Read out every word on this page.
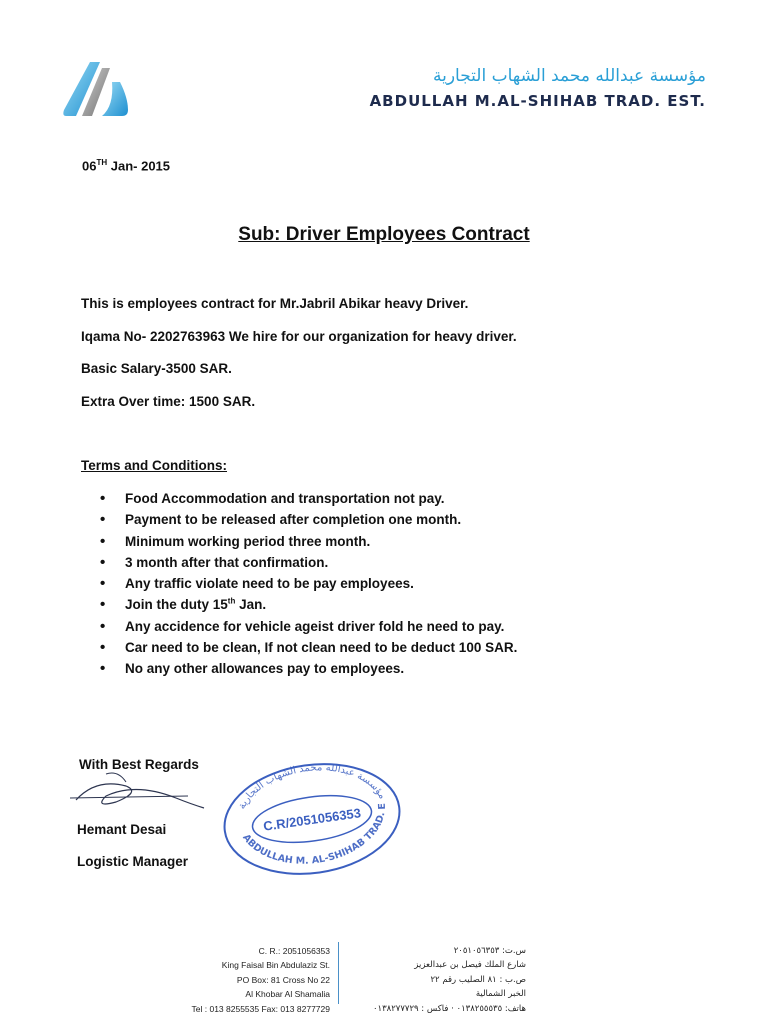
مؤسسة عبدالله محمد الشهاب التجارية
ABDULLAH M.AL-SHIHAB TRAD. EST.
06TH Jan- 2015
Sub: Driver Employees Contract
This is employees contract for Mr.Jabril Abikar heavy Driver.
Iqama No- 2202763963 We hire for our organization for heavy driver.
Basic Salary-3500 SAR.
Extra Over time: 1500 SAR.
Terms and Conditions:
• Food Accommodation and transportation not pay.
• Payment to be released after completion one month.
• Minimum working period three month.
• 3 month after that confirmation.
• Any traffic violate need to be pay employees.
• Join the duty 15th Jan.
• Any accidence for vehicle ageist driver fold he need to pay.
• Car need to be clean, If not clean need to be deduct 100 SAR.
• No any other allowances pay to employees.
With Best Regards
Hemant Desai
Logistic Manager
مؤسسة عبدالله محمد الشهاب التجارية
ABDULLAH M. AL-SHIHAB TRAD. EST.
C.R/2051056353
C. R.: 2051056353
King Faisal Bin Abdulaziz St.
PO Box: 81 Cross No 22
Al Khobar Al Shamalia
Tel : 013 8255535 Fax: 013 8277729
س.ت: ٢٠٥١٠٥٦٣٥٣
شارع الملك فيصل بن عبدالعزيز
ص.ب : ٨١ الصليب رقم ٢٢
الخبر الشمالية
هاتف: ٠١٣٨٢٥٥٥٣٥ · فاكس : ٠١٣٨٢٧٧٧٢٩
